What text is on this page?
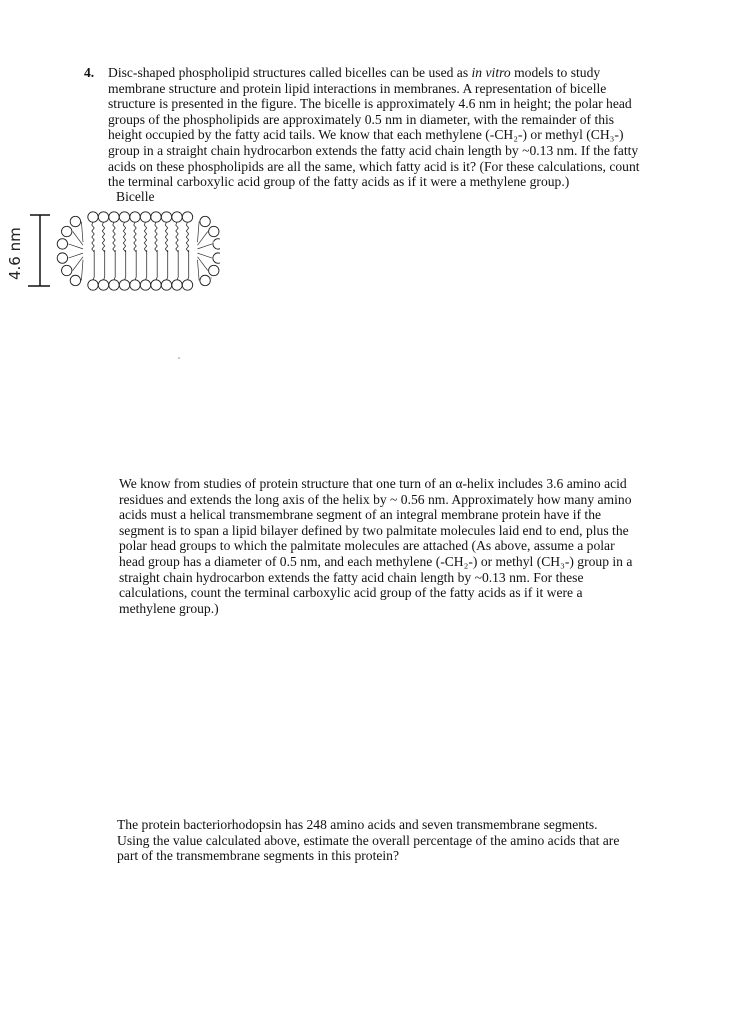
4. Disc-shaped phospholipid structures called bicelles can be used as in vitro models to study
membrane structure and protein lipid interactions in membranes. A representation of bicelle
structure is presented in the figure. The bicelle is approximately 4.6 nm in height; the polar head
groups of the phospholipids are approximately 0.5 nm in diameter, with the remainder of this
height occupied by the fatty acid tails. We know that each methylene (-CH₂-) or methyl (CH₃-)
group in a straight chain hydrocarbon extends the fatty acid chain length by ~0.13 nm. If the fatty
acids on these phospholipids are all the same, which fatty acid is it? (For these calculations, count
the terminal carboxylic acid group of the fatty acids as if it were a methylene group.)
Bicelle
4.6 nm
We know from studies of protein structure that one turn of an α-helix includes 3.6 amino acid
residues and extends the long axis of the helix by ~ 0.56 nm. Approximately how many amino
acids must a helical transmembrane segment of an integral membrane protein have if the
segment is to span a lipid bilayer defined by two palmitate molecules laid end to end, plus the
polar head groups to which the palmitate molecules are attached (As above, assume a polar
head group has a diameter of 0.5 nm, and each methylene (-CH₂-) or methyl (CH₃-) group in a
straight chain hydrocarbon extends the fatty acid chain length by ~0.13 nm. For these
calculations, count the terminal carboxylic acid group of the fatty acids as if it were a
methylene group.)
The protein bacteriorhodopsin has 248 amino acids and seven transmembrane segments.
Using the value calculated above, estimate the overall percentage of the amino acids that are
part of the transmembrane segments in this protein?
